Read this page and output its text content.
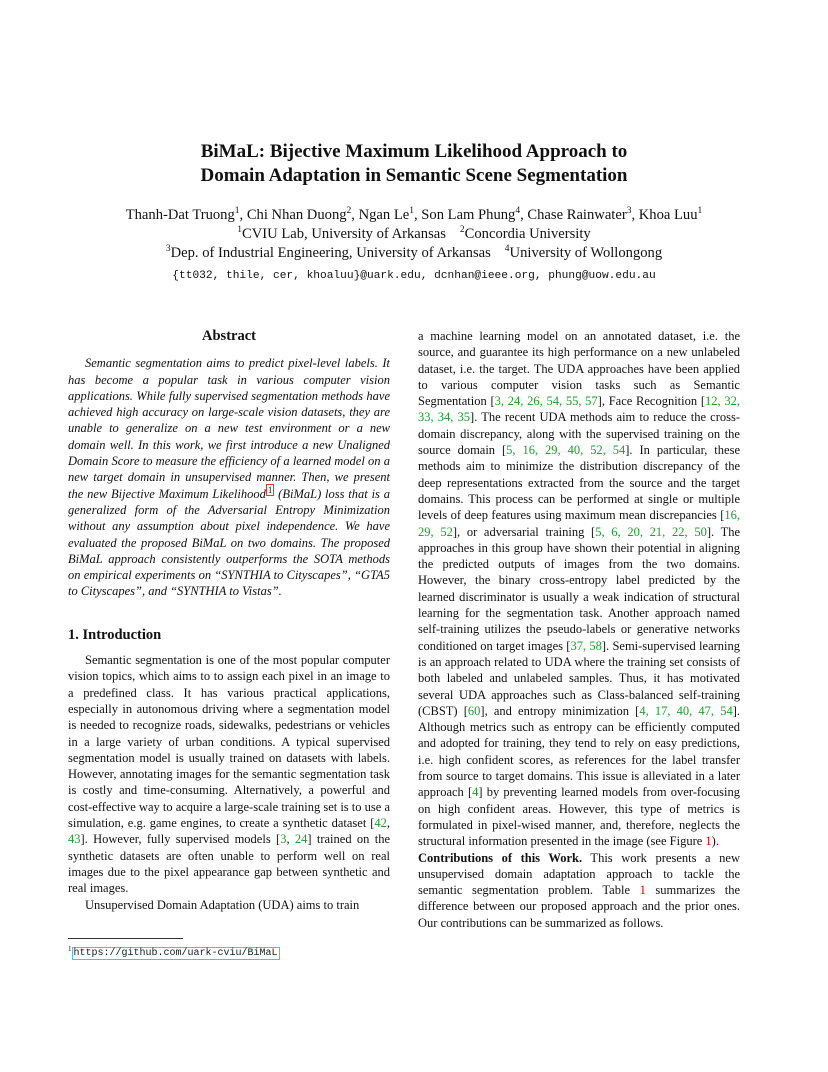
BiMaL: Bijective Maximum Likelihood Approach to
Domain Adaptation in Semantic Scene Segmentation
Thanh-Dat Truong$^1$, Chi Nhan Duong$^2$, Ngan Le$^1$, Son Lam Phung$^4$, Chase Rainwater$^3$, Khoa Luu$^1$
$^1$CVIU Lab, University of Arkansas $^2$Concordia University
$^3$Dep. of Industrial Engineering, University of Arkansas $^4$University of Wollongong
{tt032, thile, cer, khoaluu}@uark.edu, dcnhan@ieee.org, phung@uow.edu.au
Abstract

Semantic segmentation aims to predict pixel-level labels. It has become a popular task in various computer vision applications. While fully supervised segmentation methods have achieved high accuracy on large-scale vision datasets, they are unable to generalize on a new test environment or a new domain well. In this work, we first introduce a new Unaligned Domain Score to measure the efficiency of a learned model on a new target domain in unsupervised manner. Then, we present the new Bijective Maximum Likelihood $^1$ (BiMaL) loss that is a generalized form of the Adversarial Entropy Minimization without any assumption about pixel independence. We have evaluated the proposed BiMaL on two domains. The proposed BiMaL approach consistently outperforms the SOTA methods on empirical experiments on “SYNTHIA to Cityscapes”, “GTA5 to Cityscapes”, and “SYNTHIA to Vistas”.

1. Introduction

Semantic segmentation is one of the most popular computer vision topics, which aims to to assign each pixel in an image to a predefined class. It has various practical applications, especially in autonomous driving where a segmentation model is needed to recognize roads, sidewalks, pedestrians or vehicles in a large variety of urban conditions. A typical supervised segmentation model is usually trained on datasets with labels. However, annotating images for the semantic segmentation task is costly and time-consuming. Alternatively, a powerful and cost-effective way to acquire a large-scale training set is to use a simulation, e.g. game engines, to create a synthetic dataset [42, 43]. However, fully supervised models [3, 24] trained on the synthetic datasets are often unable to perform well on real images due to the pixel appearance gap between synthetic and real images.

Unsupervised Domain Adaptation (UDA) aims to train

$^1$ https://github.com/uark-cviu/BiMaL

a machine learning model on an annotated dataset, i.e. the source, and guarantee its high performance on a new unlabeled dataset, i.e. the target. The UDA approaches have been applied to various computer vision tasks such as Semantic Segmentation [3, 24, 26, 54, 55, 57], Face Recognition [12, 32, 33, 34, 35]. The recent UDA methods aim to reduce the cross-domain discrepancy, along with the supervised training on the source domain [5, 16, 29, 40, 52, 54]. In particular, these methods aim to minimize the distribution discrepancy of the deep representations extracted from the source and the target domains. This process can be performed at single or multiple levels of deep features using maximum mean discrepancies [16, 29, 52], or adversarial training [5, 6, 20, 21, 22, 50]. The approaches in this group have shown their potential in aligning the predicted outputs of images from the two domains. However, the binary cross-entropy label predicted by the learned discriminator is usually a weak indication of structural learning for the segmentation task. Another approach named self-training utilizes the pseudo-labels or generative networks conditioned on target images [37, 58]. Semi-supervised learning is an approach related to UDA where the training set consists of both labeled and unlabeled samples. Thus, it has motivated several UDA approaches such as Class-balanced self-training (CBST) [60], and entropy minimization [4, 17, 40, 47, 54]. Although metrics such as entropy can be efficiently computed and adopted for training, they tend to rely on easy predictions, i.e. high confident scores, as references for the label transfer from source to target domains. This issue is alleviated in a later approach [4] by preventing learned models from over-focusing on high confident areas. However, this type of metrics is formulated in pixel-wised manner, and, therefore, neglects the structural information presented in the image (see Figure 1).

Contributions of this Work. This work presents a new unsupervised domain adaptation approach to tackle the semantic segmentation problem. Table 1 summarizes the difference between our proposed approach and the prior ones. Our contributions can be summarized as follows.
